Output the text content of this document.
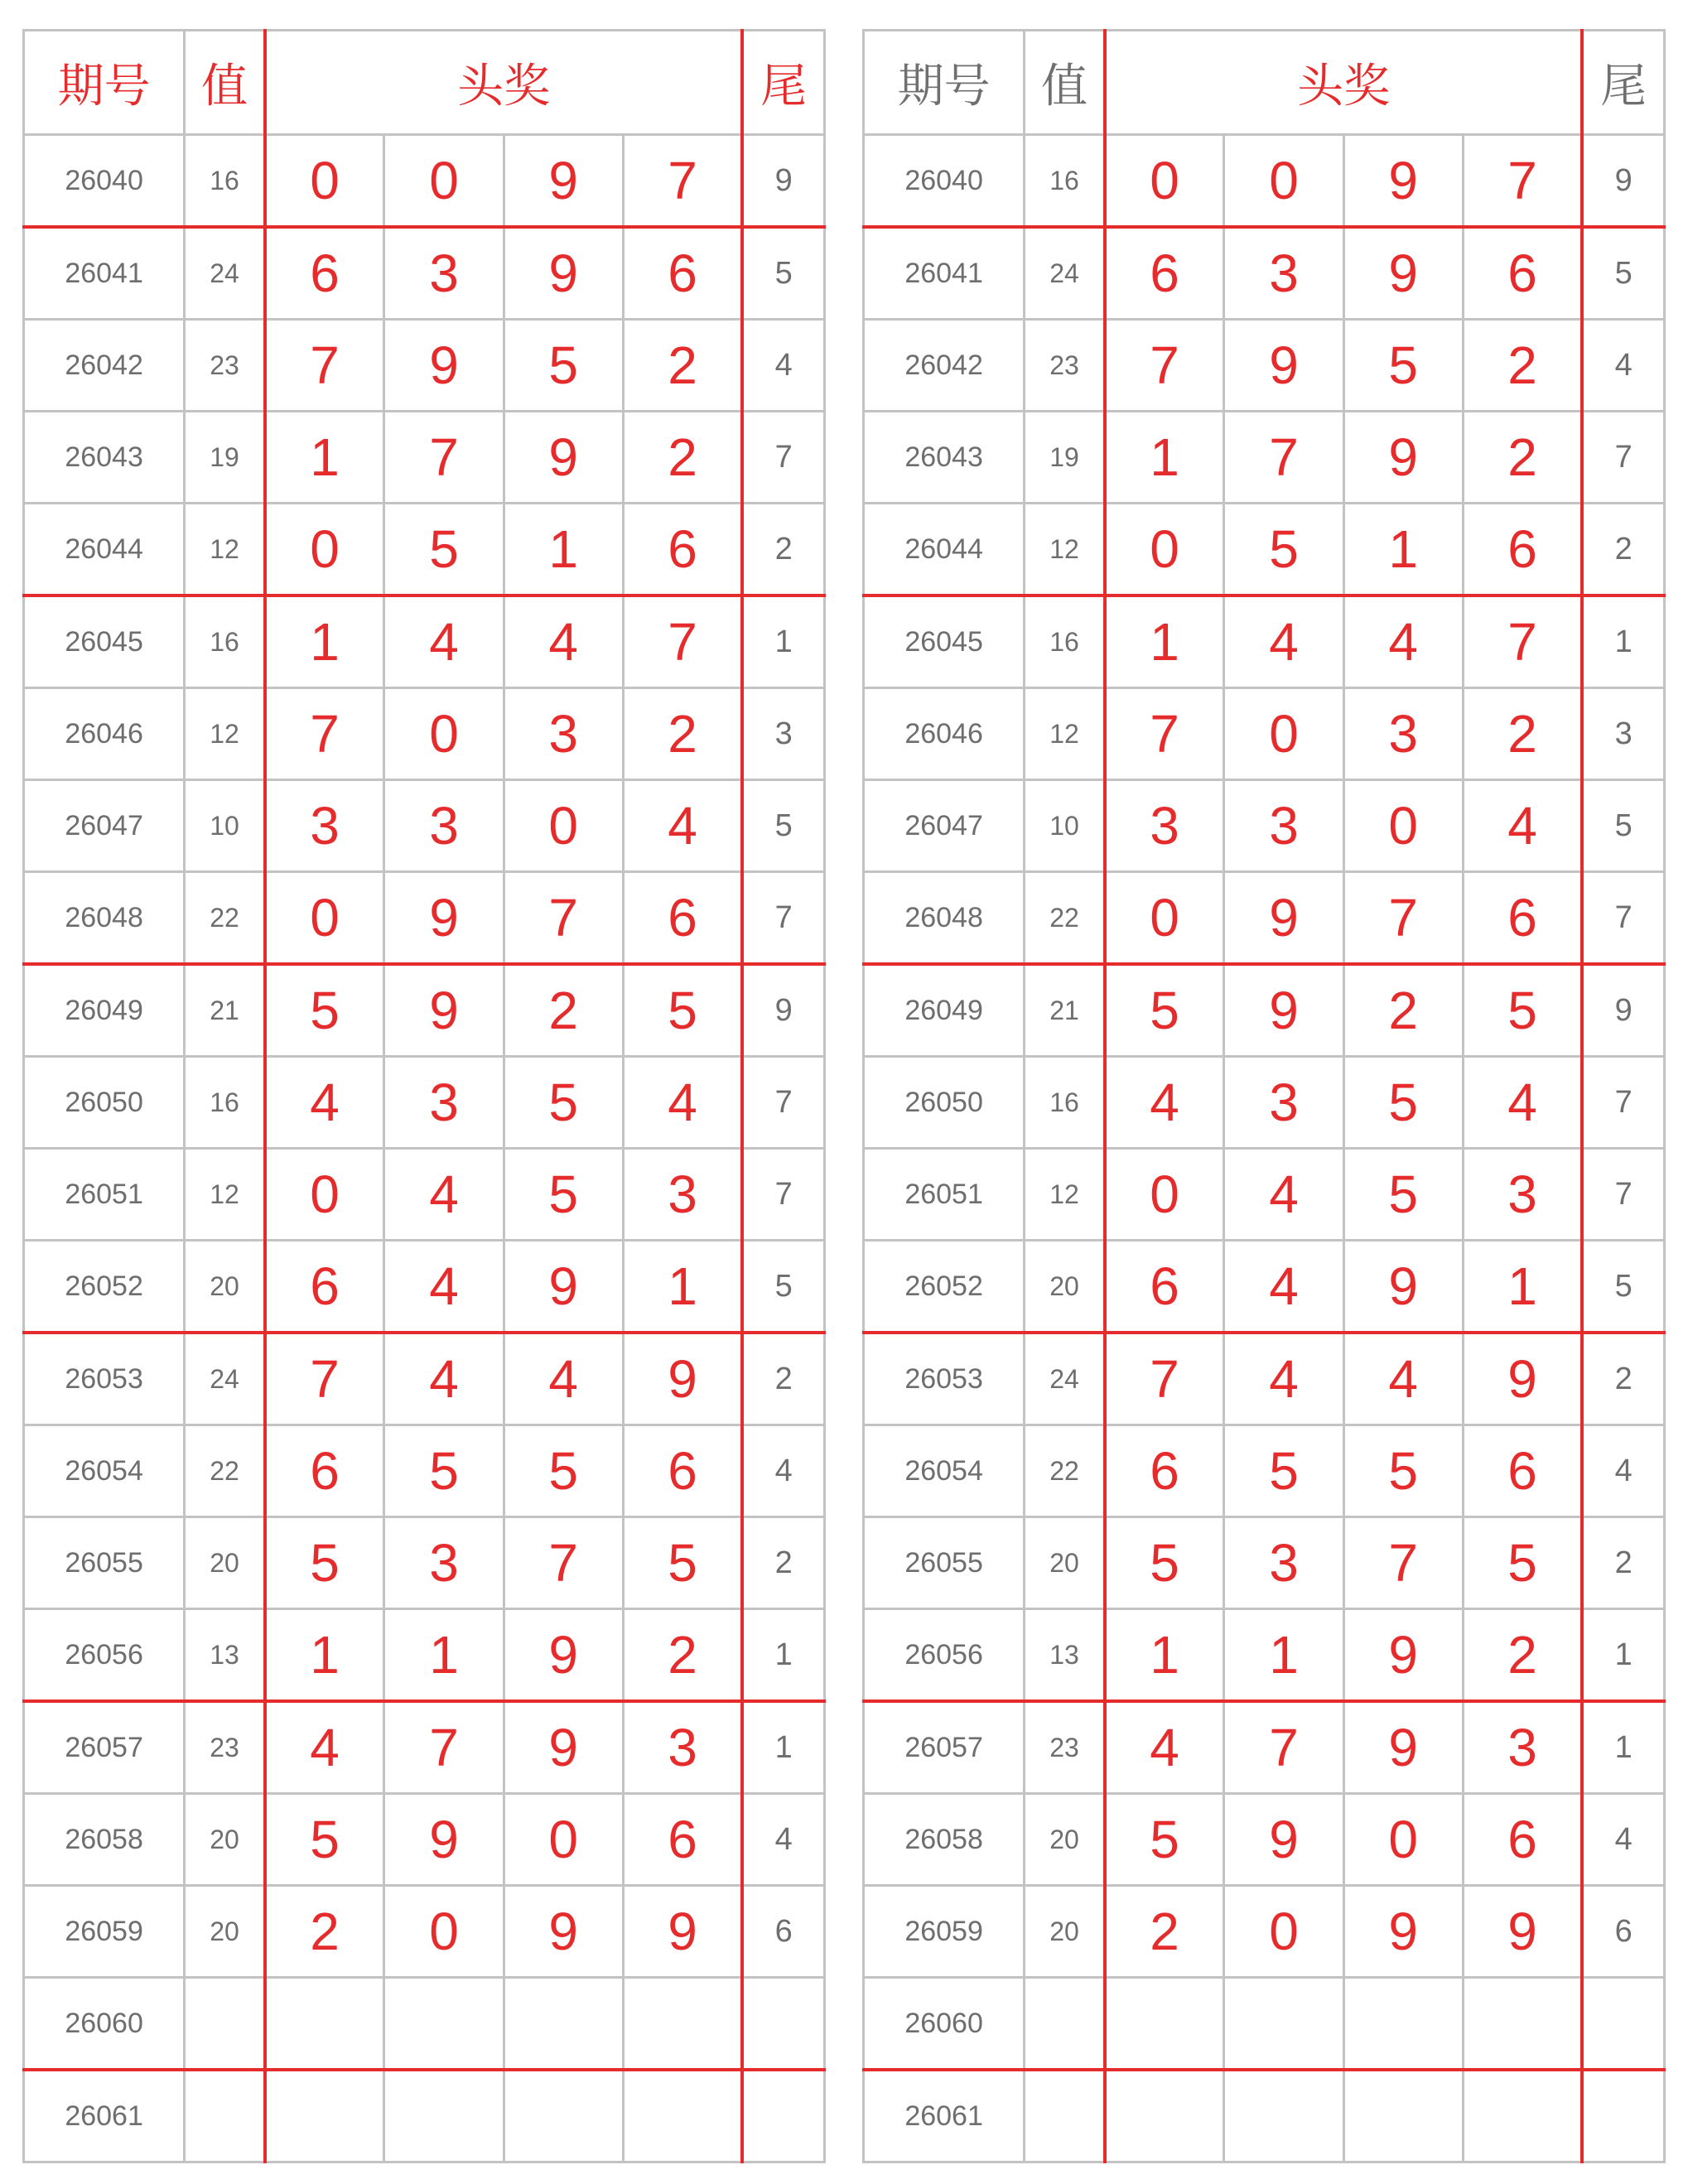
期号	值	头奖				尾
26040	16	0	0	9	7	9
26041	24	6	3	9	6	5
26042	23	7	9	5	2	4
26043	19	1	7	9	2	7
26044	12	0	5	1	6	2
26045	16	1	4	4	7	1
26046	12	7	0	3	2	3
26047	10	3	3	0	4	5
26048	22	0	9	7	6	7
26049	21	5	9	2	5	9
26050	16	4	3	5	4	7
26051	12	0	4	5	3	7
26052	20	6	4	9	1	5
26053	24	7	4	4	9	2
26054	22	6	5	5	6	4
26055	20	5	3	7	5	2
26056	13	1	1	9	2	1
26057	23	4	7	9	3	1
26058	20	5	9	0	6	4
26059	20	2	0	9	9	6
26060						
26061						
期号	值	头奖				尾
26040	16	0	0	9	7	9
26041	24	6	3	9	6	5
26042	23	7	9	5	2	4
26043	19	1	7	9	2	7
26044	12	0	5	1	6	2
26045	16	1	4	4	7	1
26046	12	7	0	3	2	3
26047	10	3	3	0	4	5
26048	22	0	9	7	6	7
26049	21	5	9	2	5	9
26050	16	4	3	5	4	7
26051	12	0	4	5	3	7
26052	20	6	4	9	1	5
26053	24	7	4	4	9	2
26054	22	6	5	5	6	4
26055	20	5	3	7	5	2
26056	13	1	1	9	2	1
26057	23	4	7	9	3	1
26058	20	5	9	0	6	4
26059	20	2	0	9	9	6
26060						
26061						
